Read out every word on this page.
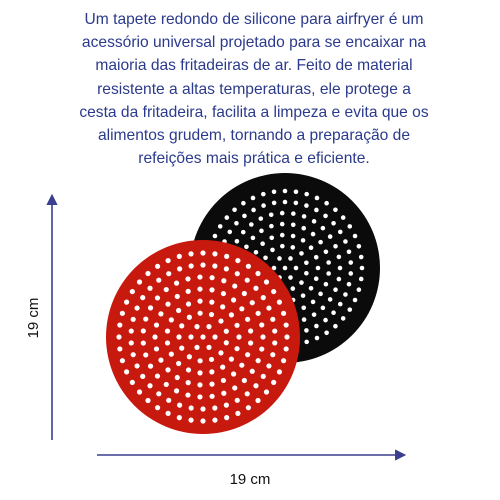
Um tapete redondo de silicone para airfryer é um
acessório universal projetado para se encaixar na
maioria das fritadeiras de ar. Feito de material
resistente a altas temperaturas, ele protege a
cesta da fritadeira, facilita a limpeza e evita que os
alimentos grudem, tornando a preparação de
refeições mais prática e eficiente.

19 cm
19 cm
